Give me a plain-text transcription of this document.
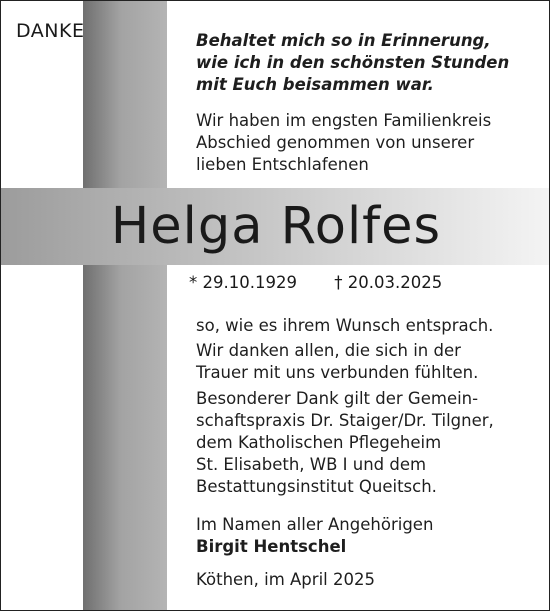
DANKE	Behaltet mich so in Erinnerung,
wie ich in den schönsten Stunden
mit Euch beisammen war.
Wir haben im engsten Familienkreis
Abschied genommen von unserer
lieben Entschlafenen
Helga Rolfes
* 29.10.1929 † 20.03.2025
so, wie es ihrem Wunsch entsprach.
Wir danken allen, die sich in der
Trauer mit uns verbunden fühlten.
Besonderer Dank gilt der Gemein-
schaftspraxis Dr. Staiger/Dr. Tilgner,
dem Katholischen Pflegeheim
St. Elisabeth, WB I und dem
Bestattungsinstitut Queitsch.
Im Namen aller Angehörigen
Birgit Hentschel
Köthen, im April 2025
